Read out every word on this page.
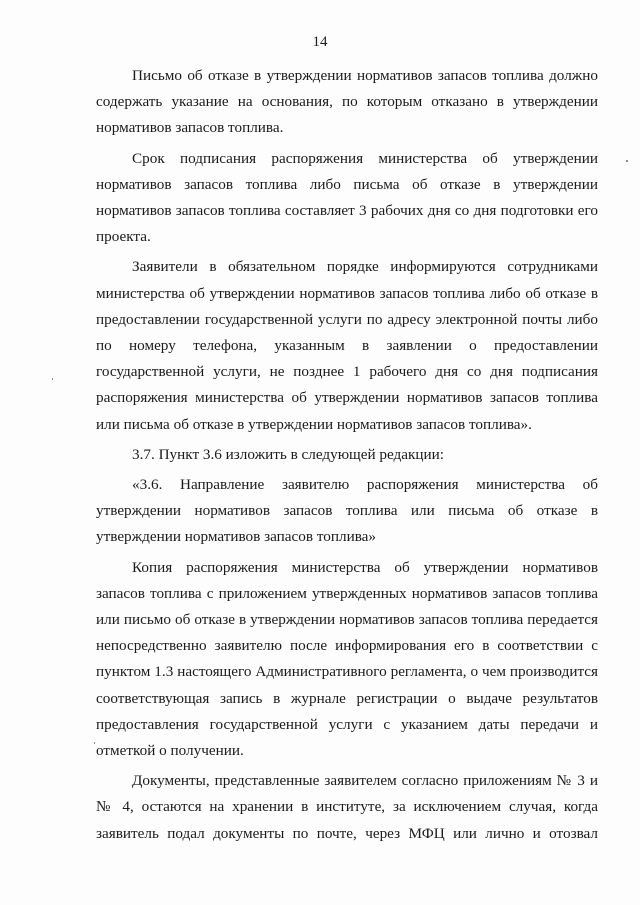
14

Письмо об отказе в утверждении нормативов запасов топлива должно содержать указание на основания, по которым отказано в утверждении нормативов запасов топлива.

Срок подписания распоряжения министерства об утверждении нормативов запасов топлива либо письма об отказе в утверждении нормативов запасов топлива составляет 3 рабочих дня со дня подготовки его проекта.

Заявители в обязательном порядке информируются сотрудниками министерства об утверждении нормативов запасов топлива либо об отказе в предоставлении государственной услуги по адресу электронной почты либо по номеру телефона, указанным в заявлении о предоставлении государственной услуги, не позднее 1 рабочего дня со дня подписания распоряжения министерства об утверждении нормативов запасов топлива или письма об отказе в утверждении нормативов запасов топлива».

3.7. Пункт 3.6 изложить в следующей редакции:

«3.6. Направление заявителю распоряжения министерства об утверждении нормативов запасов топлива или письма об отказе в утверждении нормативов запасов топлива»

Копия распоряжения министерства об утверждении нормативов запасов топлива с приложением утвержденных нормативов запасов топлива или письмо об отказе в утверждении нормативов запасов топлива передается непосредственно заявителю после информирования его в соответствии с пунктом 1.3 настоящего Административного регламента, о чем производится соответствующая запись в журнале регистрации о выдаче результатов предоставления государственной услуги с указанием даты передачи и отметкой о получении.

Документы, представленные заявителем согласно приложениям № 3 и № 4, остаются на хранении в институте, за исключением случая, когда заявитель подал документы по почте, через МФЦ или лично и отозвал
